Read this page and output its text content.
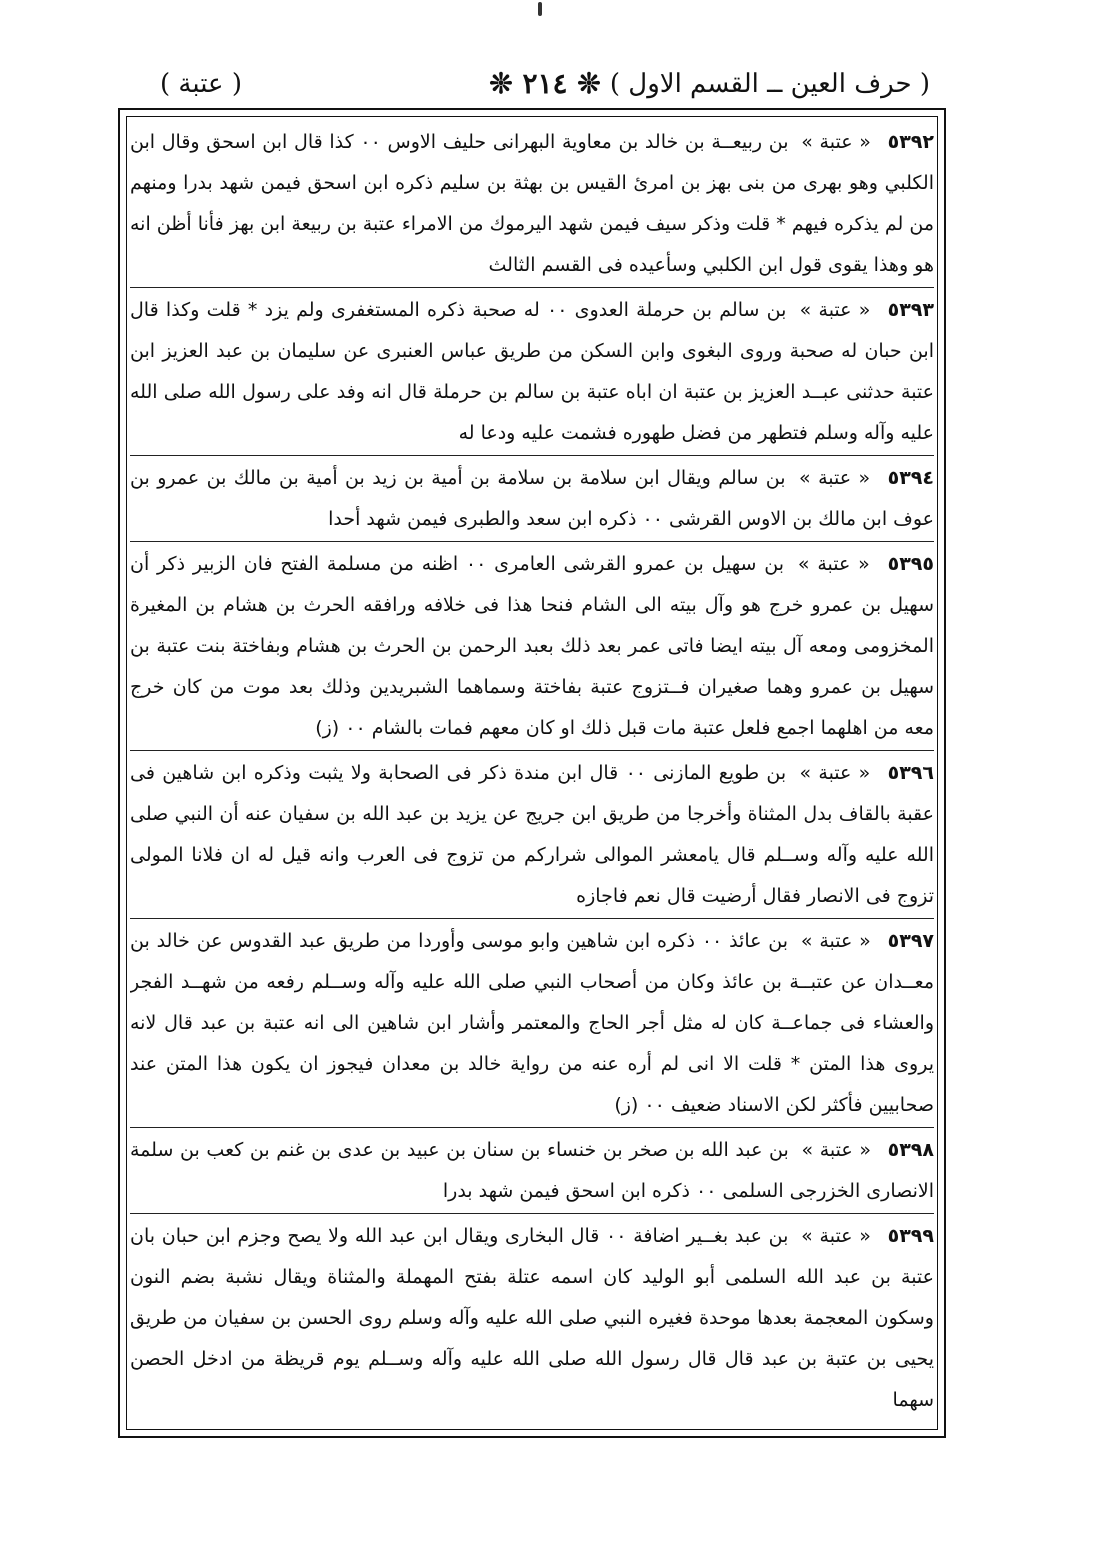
( حرف العين ــ القسم الاول )
❊ ٢١٤ ❊
( عتبة )
٥٣٩٢ « عتبة » بن ربيعــة بن خالد بن معاوية البهرانى حليف الاوس ٠٠ كذا قال ابن اسحق وقال ابن الكلبي وهو بهرى من بنى بهز بن امرئ القيس بن بهثة بن سليم ذكره ابن اسحق فيمن شهد بدرا ومنهم من لم يذكره فيهم * قلت وذكر سيف فيمن شهد اليرموك من الامراء عتبة بن ربيعة ابن بهز فأنا أظن انه هو وهذا يقوى قول ابن الكلبي وسأعيده فى القسم الثالث
٥٣٩٣ « عتبة » بن سالم بن حرملة العدوى ٠٠ له صحبة ذكره المستغفرى ولم يزد * قلت وكذا قال ابن حبان له صحبة وروى البغوى وابن السكن من طريق عباس العنبرى عن سليمان بن عبد العزيز ابن عتبة حدثنى عبــد العزيز بن عتبة ان اباه عتبة بن سالم بن حرملة قال انه وفد على رسول الله صلى الله عليه وآله وسلم فتطهر من فضل طهوره فشمت عليه ودعا له
٥٣٩٤ « عتبة » بن سالم ويقال ابن سلامة بن سلامة بن أمية بن زيد بن أمية بن مالك بن عمرو بن عوف ابن مالك بن الاوس القرشى ٠٠ ذكره ابن سعد والطبرى فيمن شهد أحدا
٥٣٩٥ « عتبة » بن سهيل بن عمرو القرشى العامرى ٠٠ اظنه من مسلمة الفتح فان الزبير ذكر أن سهيل بن عمرو خرج هو وآل بيته الى الشام فنحا هذا فى خلافه ورافقه الحرث بن هشام بن المغيرة المخزومى ومعه آل بيته ايضا فاتى عمر بعد ذلك بعبد الرحمن بن الحرث بن هشام وبفاختة بنت عتبة بن سهيل بن عمرو وهما صغيران فــتزوج عتبة بفاختة وسماهما الشبريدين وذلك بعد موت من كان خرج معه من اهلهما اجمع فلعل عتبة مات قبل ذلك او كان معهم فمات بالشام ٠٠ (ز)
٥٣٩٦ « عتبة » بن طويع المازنى ٠٠ قال ابن مندة ذكر فى الصحابة ولا يثبت وذكره ابن شاهين فى عقبة بالقاف بدل المثناة وأخرجا من طريق ابن جريج عن يزيد بن عبد الله بن سفيان عنه أن النبي صلى الله عليه وآله وســلم قال يامعشر الموالى شراركم من تزوج فى العرب وانه قيل له ان فلانا المولى تزوج فى الانصار فقال أرضيت قال نعم فاجازه
٥٣٩٧ « عتبة » بن عائذ ٠٠ ذكره ابن شاهين وابو موسى وأوردا من طريق عبد القدوس عن خالد بن معــدان عن عتبــة بن عائذ وكان من أصحاب النبي صلى الله عليه وآله وســلم رفعه من شهــد الفجر والعشاء فى جماعــة كان له مثل أجر الحاج والمعتمر وأشار ابن شاهين الى انه عتبة بن عبد قال لانه يروى هذا المتن * قلت الا انى لم أره عنه من رواية خالد بن معدان فيجوز ان يكون هذا المتن عند صحابيين فأكثر لكن الاسناد ضعيف ٠٠ (ز)
٥٣٩٨ « عتبة » بن عبد الله بن صخر بن خنساء بن سنان بن عبيد بن عدى بن غنم بن كعب بن سلمة الانصارى الخزرجى السلمى ٠٠ ذكره ابن اسحق فيمن شهد بدرا
٥٣٩٩ « عتبة » بن عبد بغــير اضافة ٠٠ قال البخارى ويقال ابن عبد الله ولا يصح وجزم ابن حبان بان عتبة بن عبد الله السلمى أبو الوليد كان اسمه عتلة بفتح المهملة والمثناة ويقال نشبة بضم النون وسكون المعجمة بعدها موحدة فغيره النبي صلى الله عليه وآله وسلم روى الحسن بن سفيان من طريق يحيى بن عتبة بن عبد قال قال رسول الله صلى الله عليه وآله وســلم يوم قريظة من ادخل الحصن سهما
